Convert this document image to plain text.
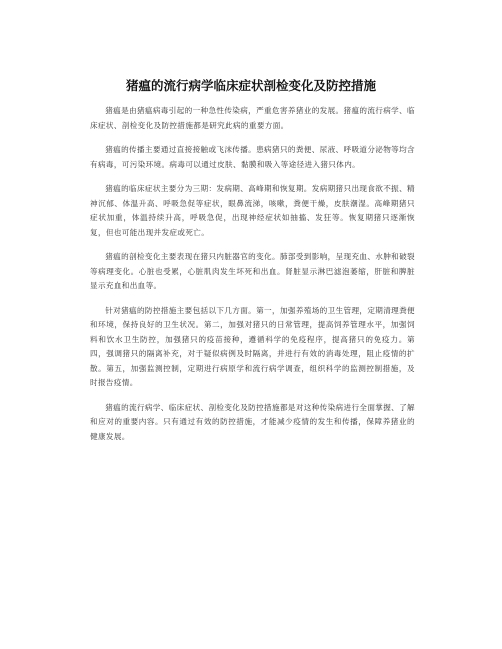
猪瘟的流行病学临床症状剖检变化及防控措施

猪瘟是由猪瘟病毒引起的一种急性传染病，严重危害养猪业的发展。猪瘟的流行病学、临床症状、剖检变化及防控措施都是研究此病的重要方面。

猪瘟的传播主要通过直接接触或飞沫传播。患病猪只的粪便、尿液、呼吸道分泌物等均含有病毒，可污染环境。病毒可以通过皮肤、黏膜和吸入等途径进入猪只体内。

猪瘟的临床症状主要分为三期：发病期、高峰期和恢复期。发病期猪只出现食欲不振、精神沉郁、体温升高、呼吸急促等症状，眼鼻流涕，咳嗽，粪便干燥，皮肤潮湿。高峰期猪只症状加重，体温持续升高，呼吸急促，出现神经症状如抽搐、发狂等。恢复期猪只逐渐恢复，但也可能出现并发症或死亡。

猪瘟的剖检变化主要表现在猪只内脏器官的变化。肺部受到影响，呈现充血、水肿和破裂等病理变化。心脏也受累，心脏肌肉发生坏死和出血。肾脏显示淋巴滤泡萎缩，肝脏和脾脏显示充血和出血等。

针对猪瘟的防控措施主要包括以下几方面。第一，加强养殖场的卫生管理，定期清理粪便和环境，保持良好的卫生状况。第二，加强对猪只的日常管理，提高饲养管理水平，加强饲料和饮水卫生防控，加强猪只的疫苗接种，遵循科学的免疫程序，提高猪只的免疫力。第四，强调猪只的隔离补充，对于疑似病例及时隔离，并进行有效的消毒处理，阻止疫情的扩散。第五，加强监测控制，定期进行病原学和流行病学调查，组织科学的监测控制措施，及时报告疫情。

猪瘟的流行病学、临床症状、剖检变化及防控措施都是对这种传染病进行全面掌握、了解和应对的重要内容。只有通过有效的防控措施，才能减少疫情的发生和传播，保障养猪业的健康发展。
